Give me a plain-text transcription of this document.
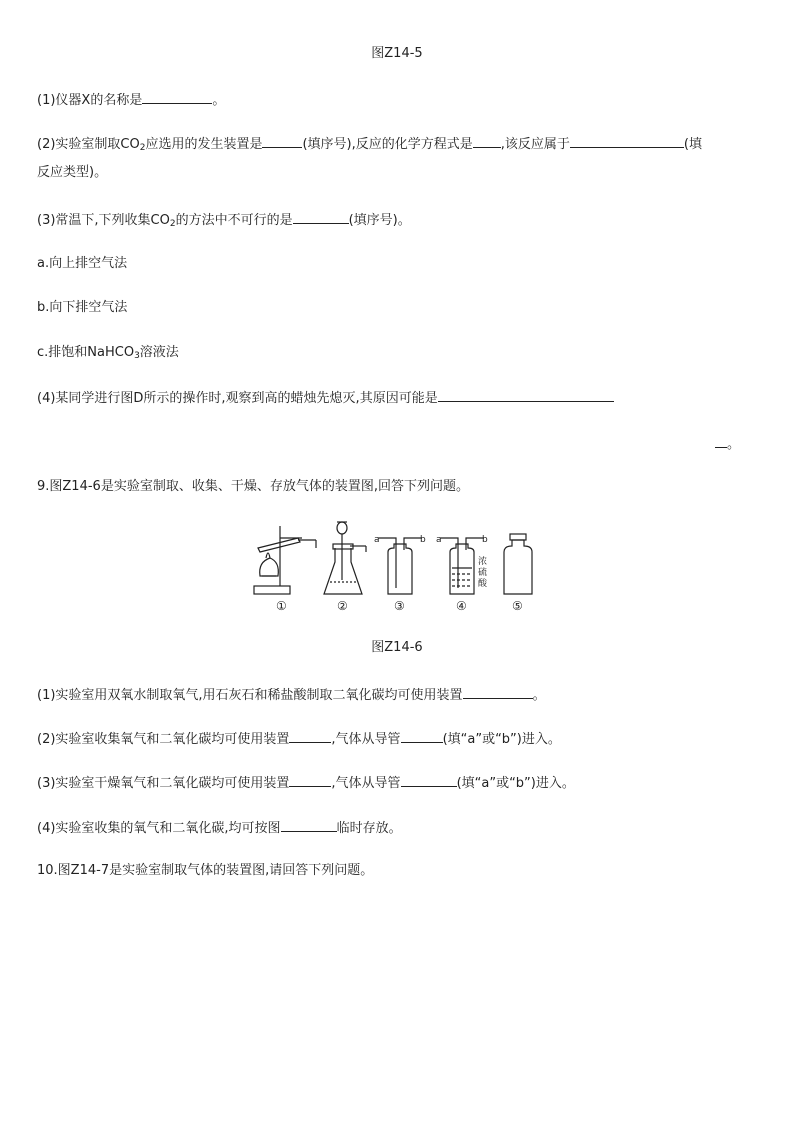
图Z14-5
(1)仪器X的名称是	。
(2)实验室制取$CO_2$应选用的发生装置是	(填序号),反应的化学方程式是 ,该反应属于	(填
反应类型)。
(3)常温下,下列收集$CO_2$的方法中不可行的是	(填序号)。
a.向上排空气法
b.向下排空气法
c.排饱和NaHCO$_3$溶液法
(4)某同学进行图D所示的操作时,观察到高的蜡烛先熄灭,其原因可能是
。
9.图Z14-6是实验室制取、收集、干燥、存放气体的装置图,回答下列问题。
a	b a	b
浓
硫
酸
①	②	③	④	⑤
图Z14-6
(1)实验室用双氧水制取氧气,用石灰石和稀盐酸制取二氧化碳均可使用装置	。
(2)实验室收集氧气和二氧化碳均可使用装置	,气体从导管	(填“a”或“b”)进入。
(3)实验室干燥氧气和二氧化碳均可使用装置	,气体从导管	(填“a”或“b”)进入。
(4)实验室收集的氧气和二氧化碳,均可按图	临时存放。
10.图Z14-7是实验室制取气体的装置图,请回答下列问题。
